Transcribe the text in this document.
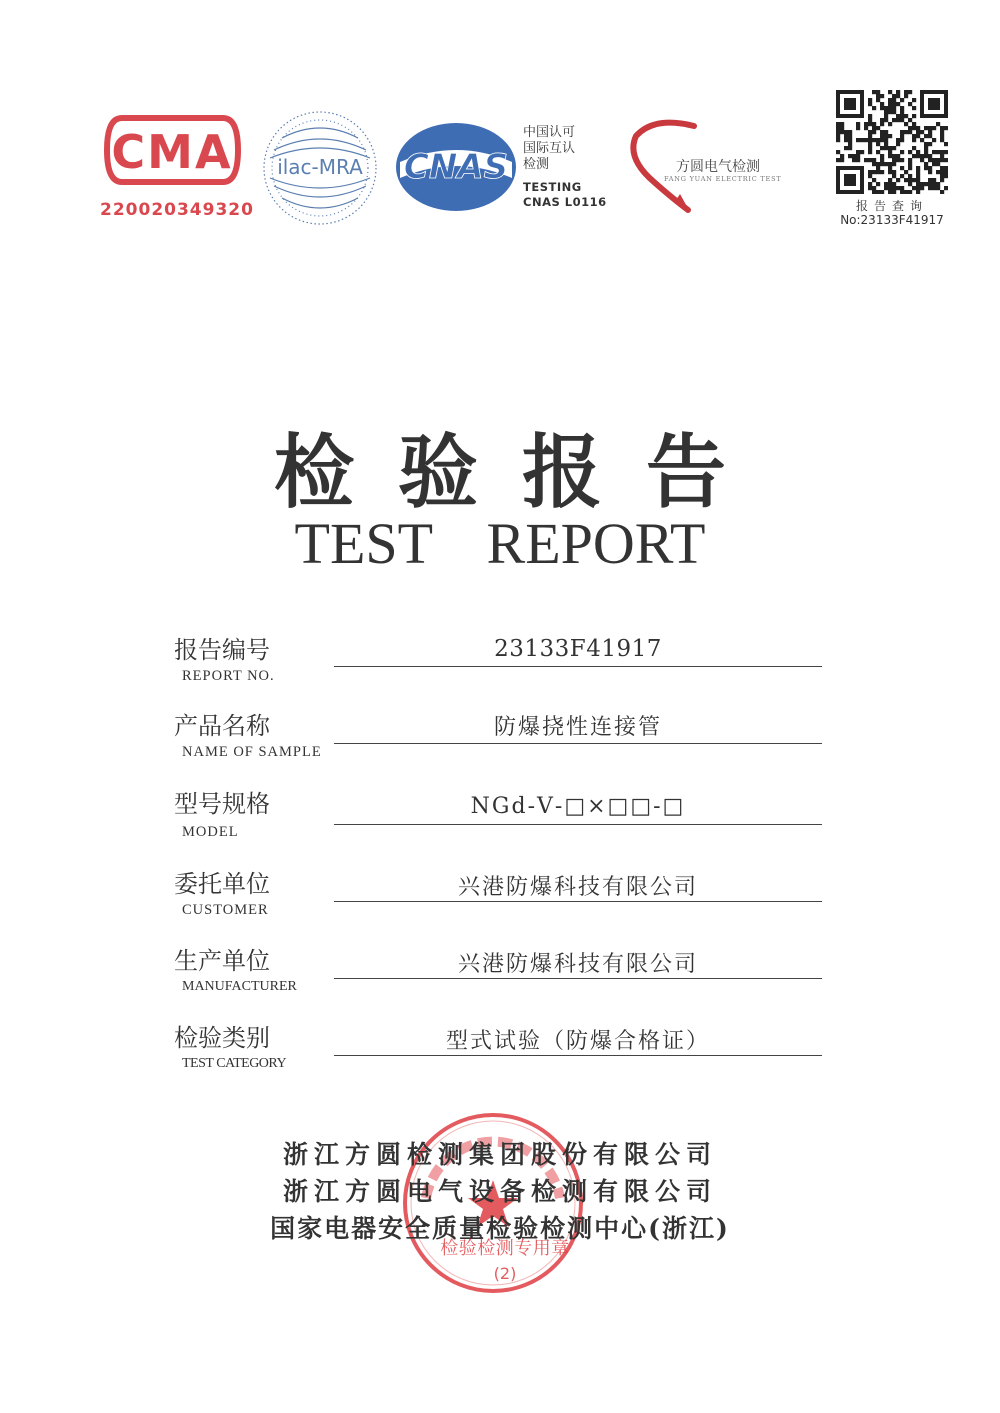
CMA
220020349320
ilac-MRA CNAS
中国认可
国际互认
检测
TESTING
CNAS L0116
方圆电气检测
FANG YUAN ELECTRIC TEST
报告查询
No:23133F41917
检验报告
TEST REPORT
报告编号
REPORT NO.
23133F41917
产品名称
NAME OF SAMPLE
防爆挠性连接管
型号规格
MODEL
NGd-Ⅴ-□×□□-□
委托单位
CUSTOMER
兴港防爆科技有限公司
生产单位
MANUFACTURER
兴港防爆科技有限公司
检验类别
TEST CATEGORY
型式试验（防爆合格证）
浙江方圆检测集团股份有限公司
浙江方圆电气设备检测有限公司
国家电器安全质量检验检测中心(浙江)
检验检测专用章
(2)
